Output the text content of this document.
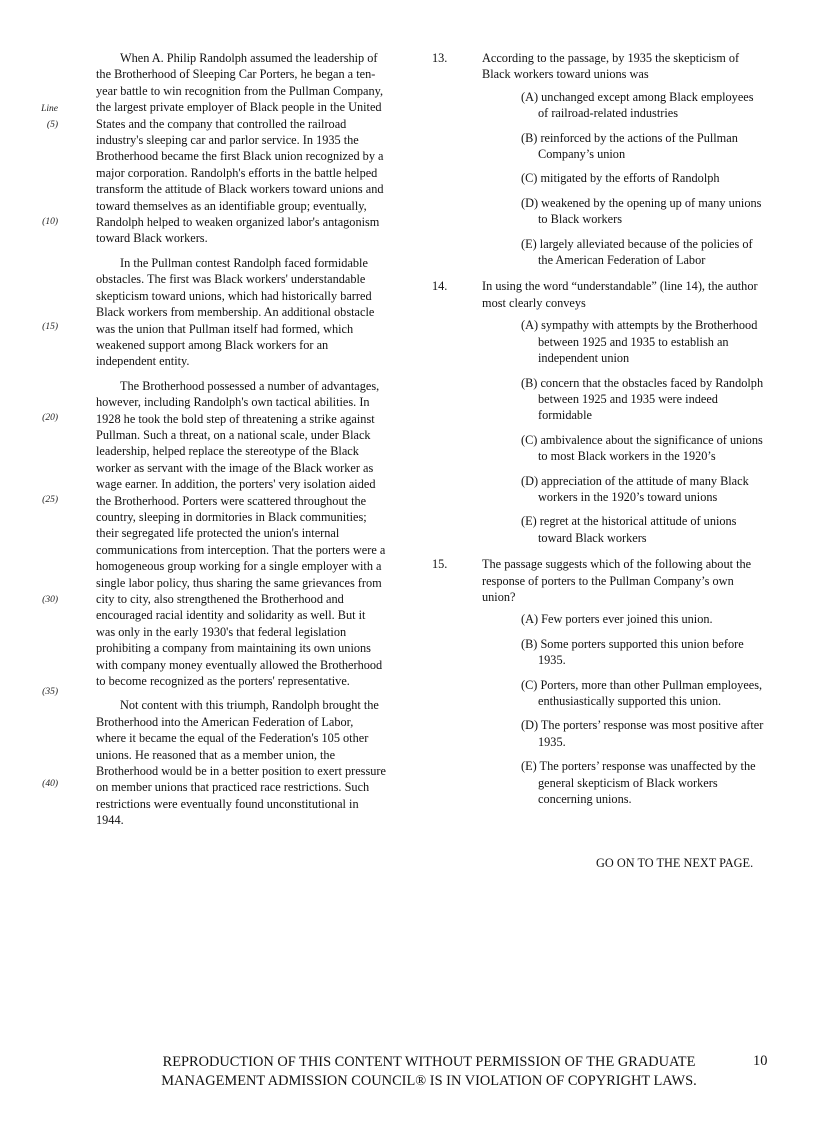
Line
(5)
(10)
(15)
(20)
(25)
(30)
(35)
(40)

When A. Philip Randolph assumed the leadership of the Brotherhood of Sleeping Car Porters, he began a ten-year battle to win recognition from the Pullman Company, the largest private employer of Black people in the United States and the company that controlled the railroad industry's sleeping car and parlor service. In 1935 the Brotherhood became the first Black union recognized by a major corporation. Randolph's efforts in the battle helped transform the attitude of Black workers toward unions and toward themselves as an identifiable group; eventually, Randolph helped to weaken organized labor's antagonism toward Black workers.

In the Pullman contest Randolph faced formidable obstacles. The first was Black workers' understandable skepticism toward unions, which had historically barred Black workers from membership. An additional obstacle was the union that Pullman itself had formed, which weakened support among Black workers for an independent entity.

The Brotherhood possessed a number of advantages, however, including Randolph's own tactical abilities. In 1928 he took the bold step of threatening a strike against Pullman. Such a threat, on a national scale, under Black leadership, helped replace the stereotype of the Black worker as servant with the image of the Black worker as wage earner. In addition, the porters' very isolation aided the Brotherhood. Porters were scattered throughout the country, sleeping in dormitories in Black communities; their segregated life protected the union's internal communications from interception. That the porters were a homogeneous group working for a single employer with a single labor policy, thus sharing the same grievances from city to city, also strengthened the Brotherhood and encouraged racial identity and solidarity as well. But it was only in the early 1930's that federal legislation prohibiting a company from maintaining its own unions with company money eventually allowed the Brotherhood to become recognized as the porters' representative.

Not content with this triumph, Randolph brought the Brotherhood into the American Federation of Labor, where it became the equal of the Federation's 105 other unions. He reasoned that as a member union, the Brotherhood would be in a better position to exert pressure on member unions that practiced race restrictions. Such restrictions were eventually found unconstitutional in 1944.

13.	According to the passage, by 1935 the skepticism of Black workers toward unions was
(A) unchanged except among Black employees of railroad-related industries
(B) reinforced by the actions of the Pullman Company’s union
(C) mitigated by the efforts of Randolph
(D) weakened by the opening up of many unions to Black workers
(E) largely alleviated because of the policies of the American Federation of Labor
14.	In using the word “understandable” (line 14), the author most clearly conveys
(A) sympathy with attempts by the Brotherhood between 1925 and 1935 to establish an independent union
(B) concern that the obstacles faced by Randolph between 1925 and 1935 were indeed formidable
(C) ambivalence about the significance of unions to most Black workers in the 1920’s
(D) appreciation of the attitude of many Black workers in the 1920’s toward unions
(E) regret at the historical attitude of unions toward Black workers
15.	The passage suggests which of the following about the response of porters to the Pullman Company’s own union?
(A) Few porters ever joined this union.
(B) Some porters supported this union before 1935.
(C) Porters, more than other Pullman employees, enthusiastically supported this union.
(D) The porters’ response was most positive after 1935.
(E) The porters’ response was unaffected by the general skepticism of Black workers concerning unions.
GO ON TO THE NEXT PAGE.
REPRODUCTION OF THIS CONTENT WITHOUT PERMISSION OF THE GRADUATE
MANAGEMENT ADMISSION COUNCIL® IS IN VIOLATION OF COPYRIGHT LAWS.
10
